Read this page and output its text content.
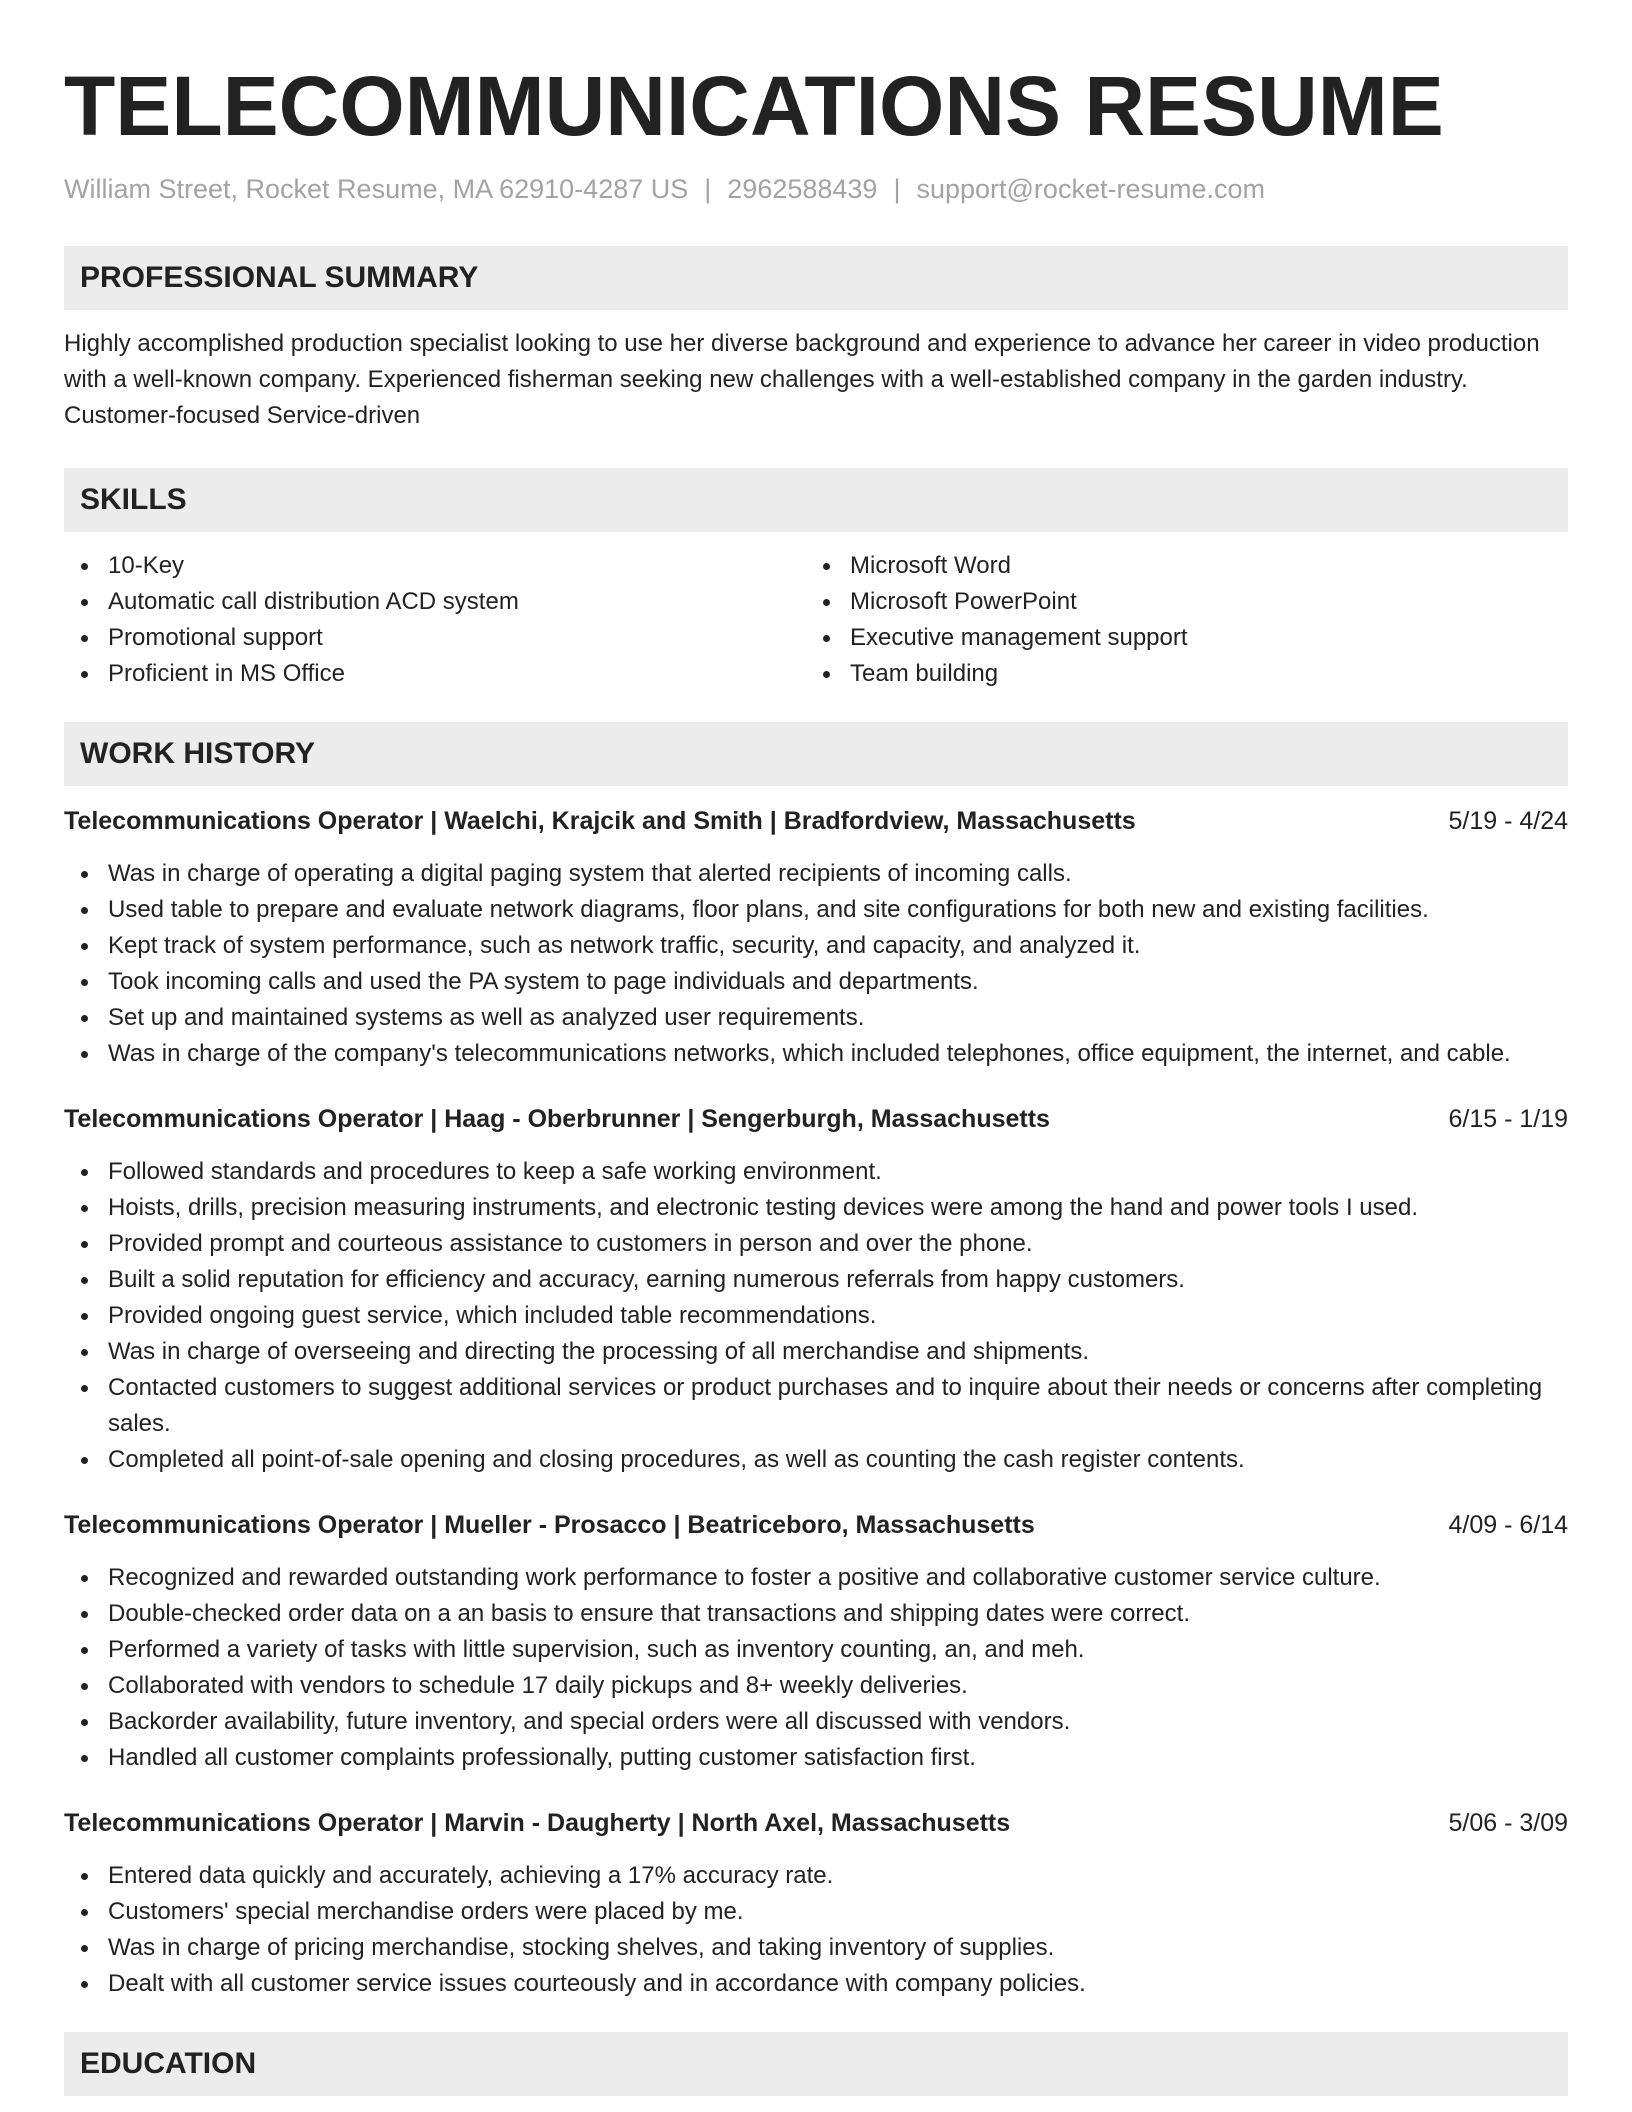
TELECOMMUNICATIONS RESUME
William Street, Rocket Resume, MA 62910-4287 US | 2962588439 | support@rocket-resume.com
PROFESSIONAL SUMMARY

Highly accomplished production specialist looking to use her diverse background and experience to advance her career in video production with a well-known company. Experienced fisherman seeking new challenges with a well-established company in the garden industry. Customer-focused Service-driven

SKILLS
10-Key
Automatic call distribution ACD system
Promotional support
Proficient in MS Office
Microsoft Word
Microsoft PowerPoint
Executive management support
Team building
WORK HISTORY
Telecommunications Operator | Waelchi, Krajcik and Smith | Bradfordview, Massachusetts	5/19 - 4/24
Was in charge of operating a digital paging system that alerted recipients of incoming calls.
Used table to prepare and evaluate network diagrams, floor plans, and site configurations for both new and existing facilities.
Kept track of system performance, such as network traffic, security, and capacity, and analyzed it.
Took incoming calls and used the PA system to page individuals and departments.
Set up and maintained systems as well as analyzed user requirements.
Was in charge of the company's telecommunications networks, which included telephones, office equipment, the internet, and cable.
Telecommunications Operator | Haag - Oberbrunner | Sengerburgh, Massachusetts	6/15 - 1/19
Followed standards and procedures to keep a safe working environment.
Hoists, drills, precision measuring instruments, and electronic testing devices were among the hand and power tools I used.
Provided prompt and courteous assistance to customers in person and over the phone.
Built a solid reputation for efficiency and accuracy, earning numerous referrals from happy customers.
Provided ongoing guest service, which included table recommendations.
Was in charge of overseeing and directing the processing of all merchandise and shipments.
Contacted customers to suggest additional services or product purchases and to inquire about their needs or concerns after completing sales.
Completed all point-of-sale opening and closing procedures, as well as counting the cash register contents.
Telecommunications Operator | Mueller - Prosacco | Beatriceboro, Massachusetts	4/09 - 6/14
Recognized and rewarded outstanding work performance to foster a positive and collaborative customer service culture.
Double-checked order data on a an basis to ensure that transactions and shipping dates were correct.
Performed a variety of tasks with little supervision, such as inventory counting, an, and meh.
Collaborated with vendors to schedule 17 daily pickups and 8+ weekly deliveries.
Backorder availability, future inventory, and special orders were all discussed with vendors.
Handled all customer complaints professionally, putting customer satisfaction first.
Telecommunications Operator | Marvin - Daugherty | North Axel, Massachusetts	5/06 - 3/09
Entered data quickly and accurately, achieving a 17% accuracy rate.
Customers' special merchandise orders were placed by me.
Was in charge of pricing merchandise, stocking shelves, and taking inventory of supplies.
Dealt with all customer service issues courteously and in accordance with company policies.
EDUCATION
